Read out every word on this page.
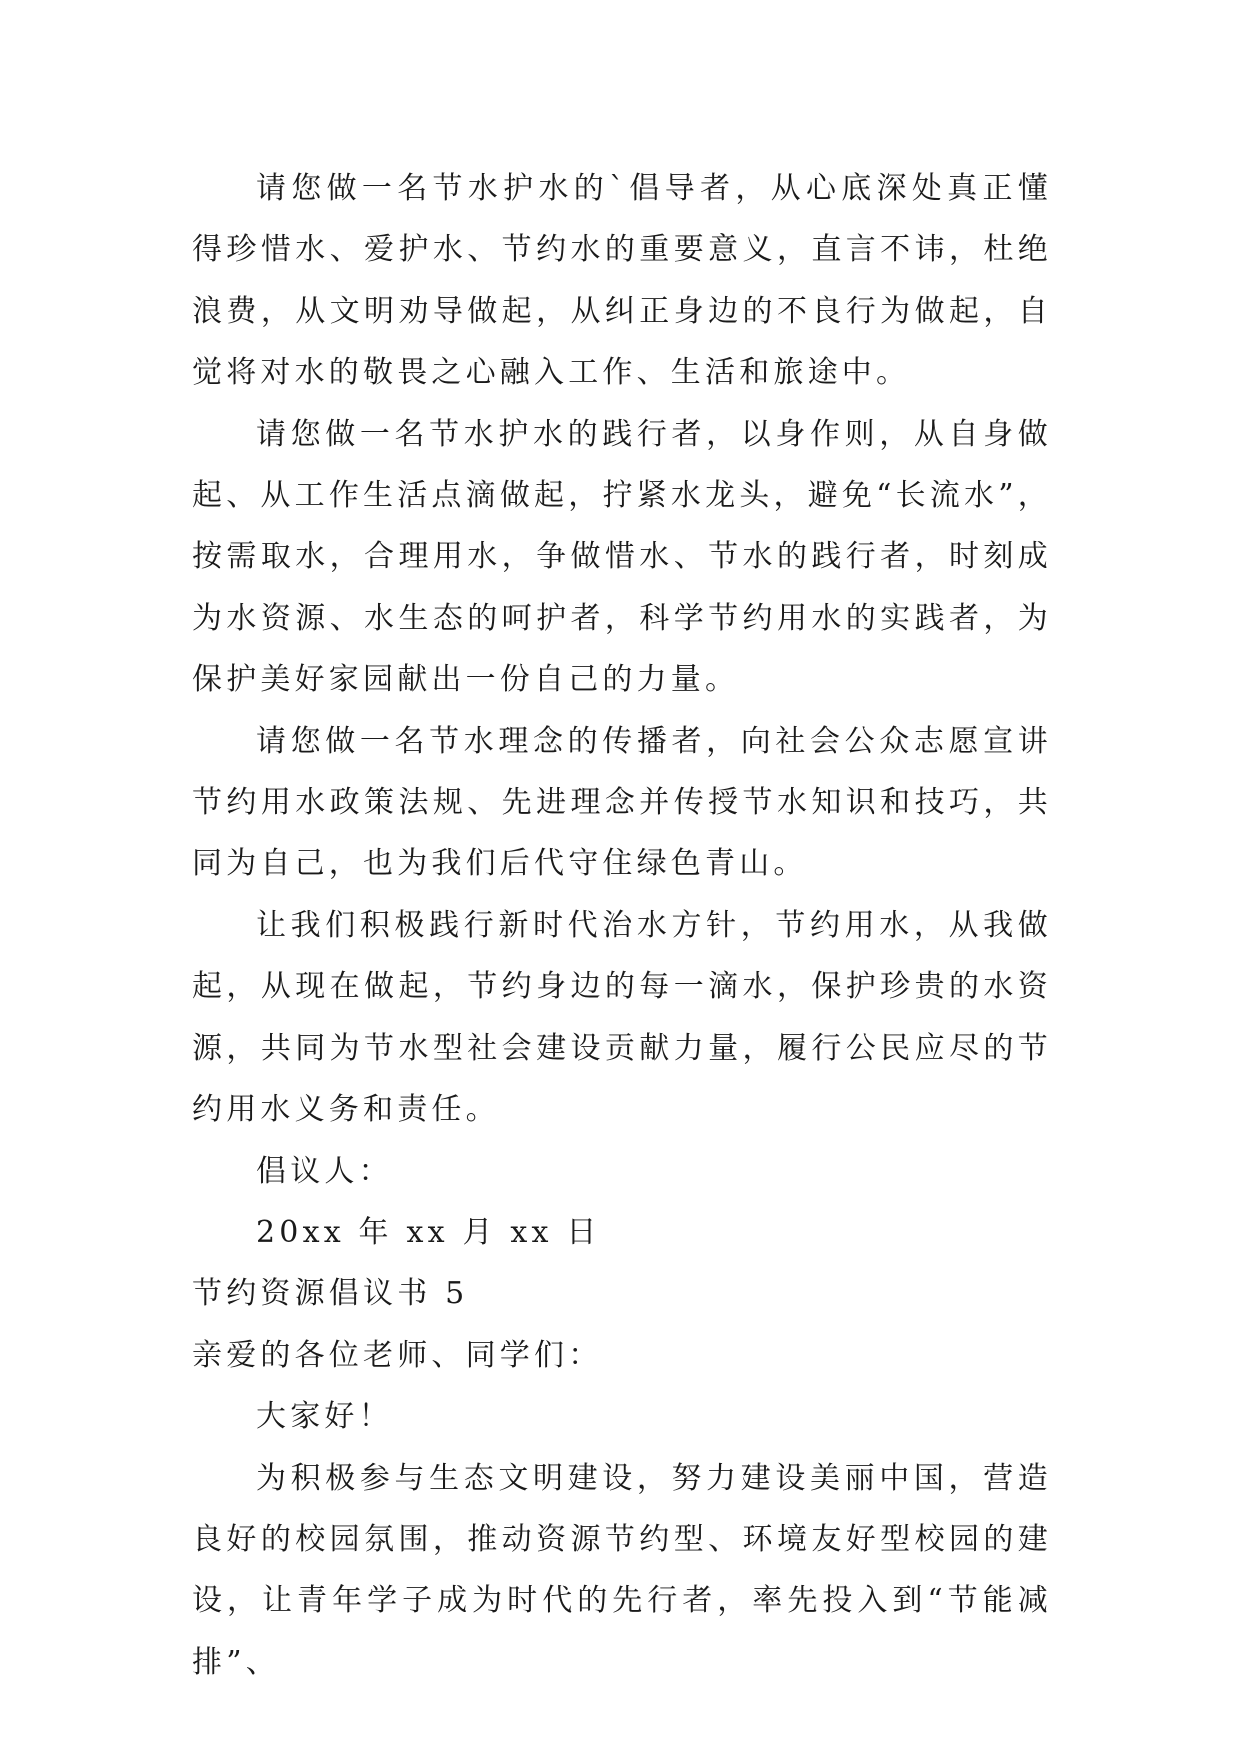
请您做一名节水护水的`倡导者，从心底深处真正懂得珍惜水、爱护水、节约水的重要意义，直言不讳，杜绝浪费，从文明劝导做起，从纠正身边的不良行为做起，自觉将对水的敬畏之心融入工作、生活和旅途中。

请您做一名节水护水的践行者，以身作则，从自身做起、从工作生活点滴做起，拧紧水龙头，避免“长流水”，按需取水，合理用水，争做惜水、节水的践行者，时刻成为水资源、水生态的呵护者，科学节约用水的实践者，为保护美好家园献出一份自己的力量。

请您做一名节水理念的传播者，向社会公众志愿宣讲节约用水政策法规、先进理念并传授节水知识和技巧，共同为自己，也为我们后代守住绿色青山。

让我们积极践行新时代治水方针，节约用水，从我做起，从现在做起，节约身边的每一滴水，保护珍贵的水资源，共同为节水型社会建设贡献力量，履行公民应尽的节约用水义务和责任。

倡议人：

20xx 年 xx 月 xx 日

节约资源倡议书 5

亲爱的各位老师、同学们：

大家好！

为积极参与生态文明建设，努力建设美丽中国，营造良好的校园氛围，推动资源节约型、环境友好型校园的建设，让青年学子成为时代的先行者，率先投入到“节能减排”、
